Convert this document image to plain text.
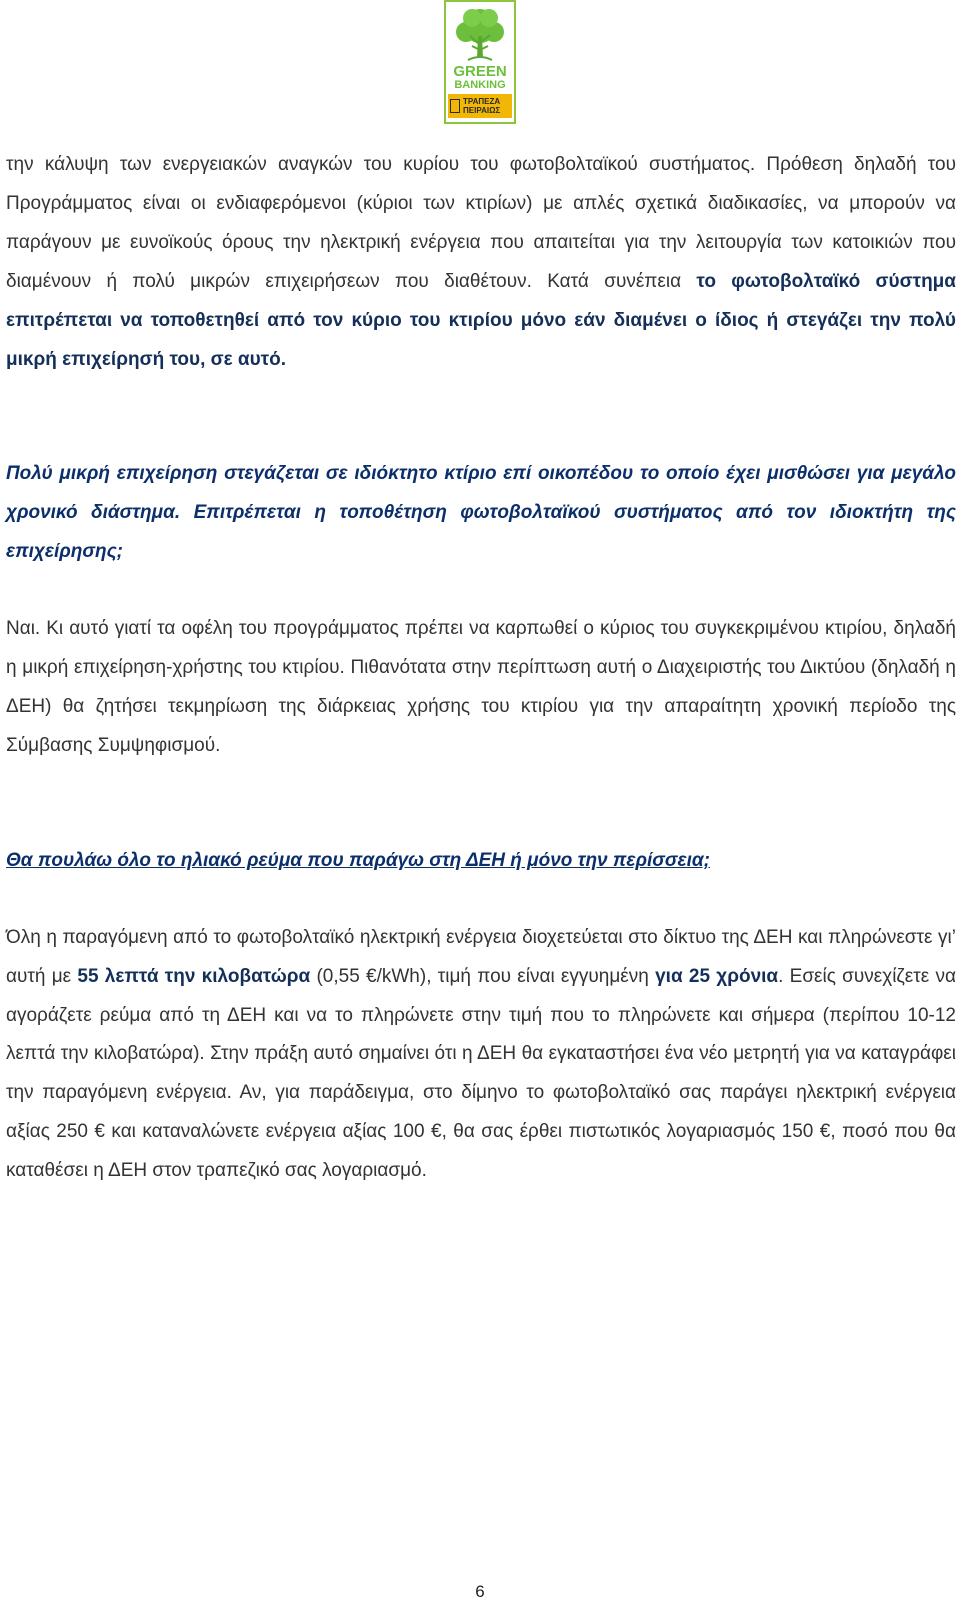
GREEN
BANKING
ΤΡΑΠΕΖΑ
ΠΕΙΡΑΙΩΣ

την κάλυψη των ενεργειακών αναγκών του κυρίου του φωτοβολταϊκού συστήματος. Πρόθεση δηλαδή του Προγράμματος είναι οι ενδιαφερόμενοι (κύριοι των κτιρίων) με απλές σχετικά διαδικασίες, να μπορούν να παράγουν με ευνοϊκούς όρους την ηλεκτρική ενέργεια που απαιτείται για την λειτουργία των κατοικιών που διαμένουν ή πολύ μικρών επιχειρήσεων που διαθέτουν. Κατά συνέπεια το φωτοβολταϊκό σύστημα επιτρέπεται να τοποθετηθεί από τον κύριο του κτιρίου μόνο εάν διαμένει ο ίδιος ή στεγάζει την πολύ μικρή επιχείρησή του, σε αυτό.

Πολύ μικρή επιχείρηση στεγάζεται σε ιδιόκτητο κτίριο επί οικοπέδου το οποίο έχει μισθώσει για μεγάλο χρονικό διάστημα. Επιτρέπεται η τοποθέτηση φωτοβολταϊκού συστήματος από τον ιδιοκτήτη της επιχείρησης;

Ναι. Κι αυτό γιατί τα οφέλη του προγράμματος πρέπει να καρπωθεί ο κύριος του συγκεκριμένου κτιρίου, δηλαδή η μικρή επιχείρηση-χρήστης του κτιρίου. Πιθανότατα στην περίπτωση αυτή ο Διαχειριστής του Δικτύου (δηλαδή η ΔΕΗ) θα ζητήσει τεκμηρίωση της διάρκειας χρήσης του κτιρίου για την απαραίτητη χρονική περίοδο της Σύμβασης Συμψηφισμού.

Θα πουλάω όλο το ηλιακό ρεύμα που παράγω στη ΔΕΗ ή μόνο την περίσσεια;

Όλη η παραγόμενη από το φωτοβολταϊκό ηλεκτρική ενέργεια διοχετεύεται στο δίκτυο της ΔΕΗ και πληρώνεστε γι’ αυτή με 55 λεπτά την κιλοβατώρα (0,55 €/kWh), τιμή που είναι εγγυημένη για 25 χρόνια. Εσείς συνεχίζετε να αγοράζετε ρεύμα από τη ΔΕΗ και να το πληρώνετε στην τιμή που το πληρώνετε και σήμερα (περίπου 10-12 λεπτά την κιλοβατώρα). Στην πράξη αυτό σημαίνει ότι η ΔΕΗ θα εγκαταστήσει ένα νέο μετρητή για να καταγράφει την παραγόμενη ενέργεια. Αν, για παράδειγμα, στο δίμηνο το φωτοβολταϊκό σας παράγει ηλεκτρική ενέργεια αξίας 250 € και καταναλώνετε ενέργεια αξίας 100 €, θα σας έρθει πιστωτικός λογαριασμός 150 €, ποσό που θα καταθέσει η ΔΕΗ στον τραπεζικό σας λογαριασμό.

6
